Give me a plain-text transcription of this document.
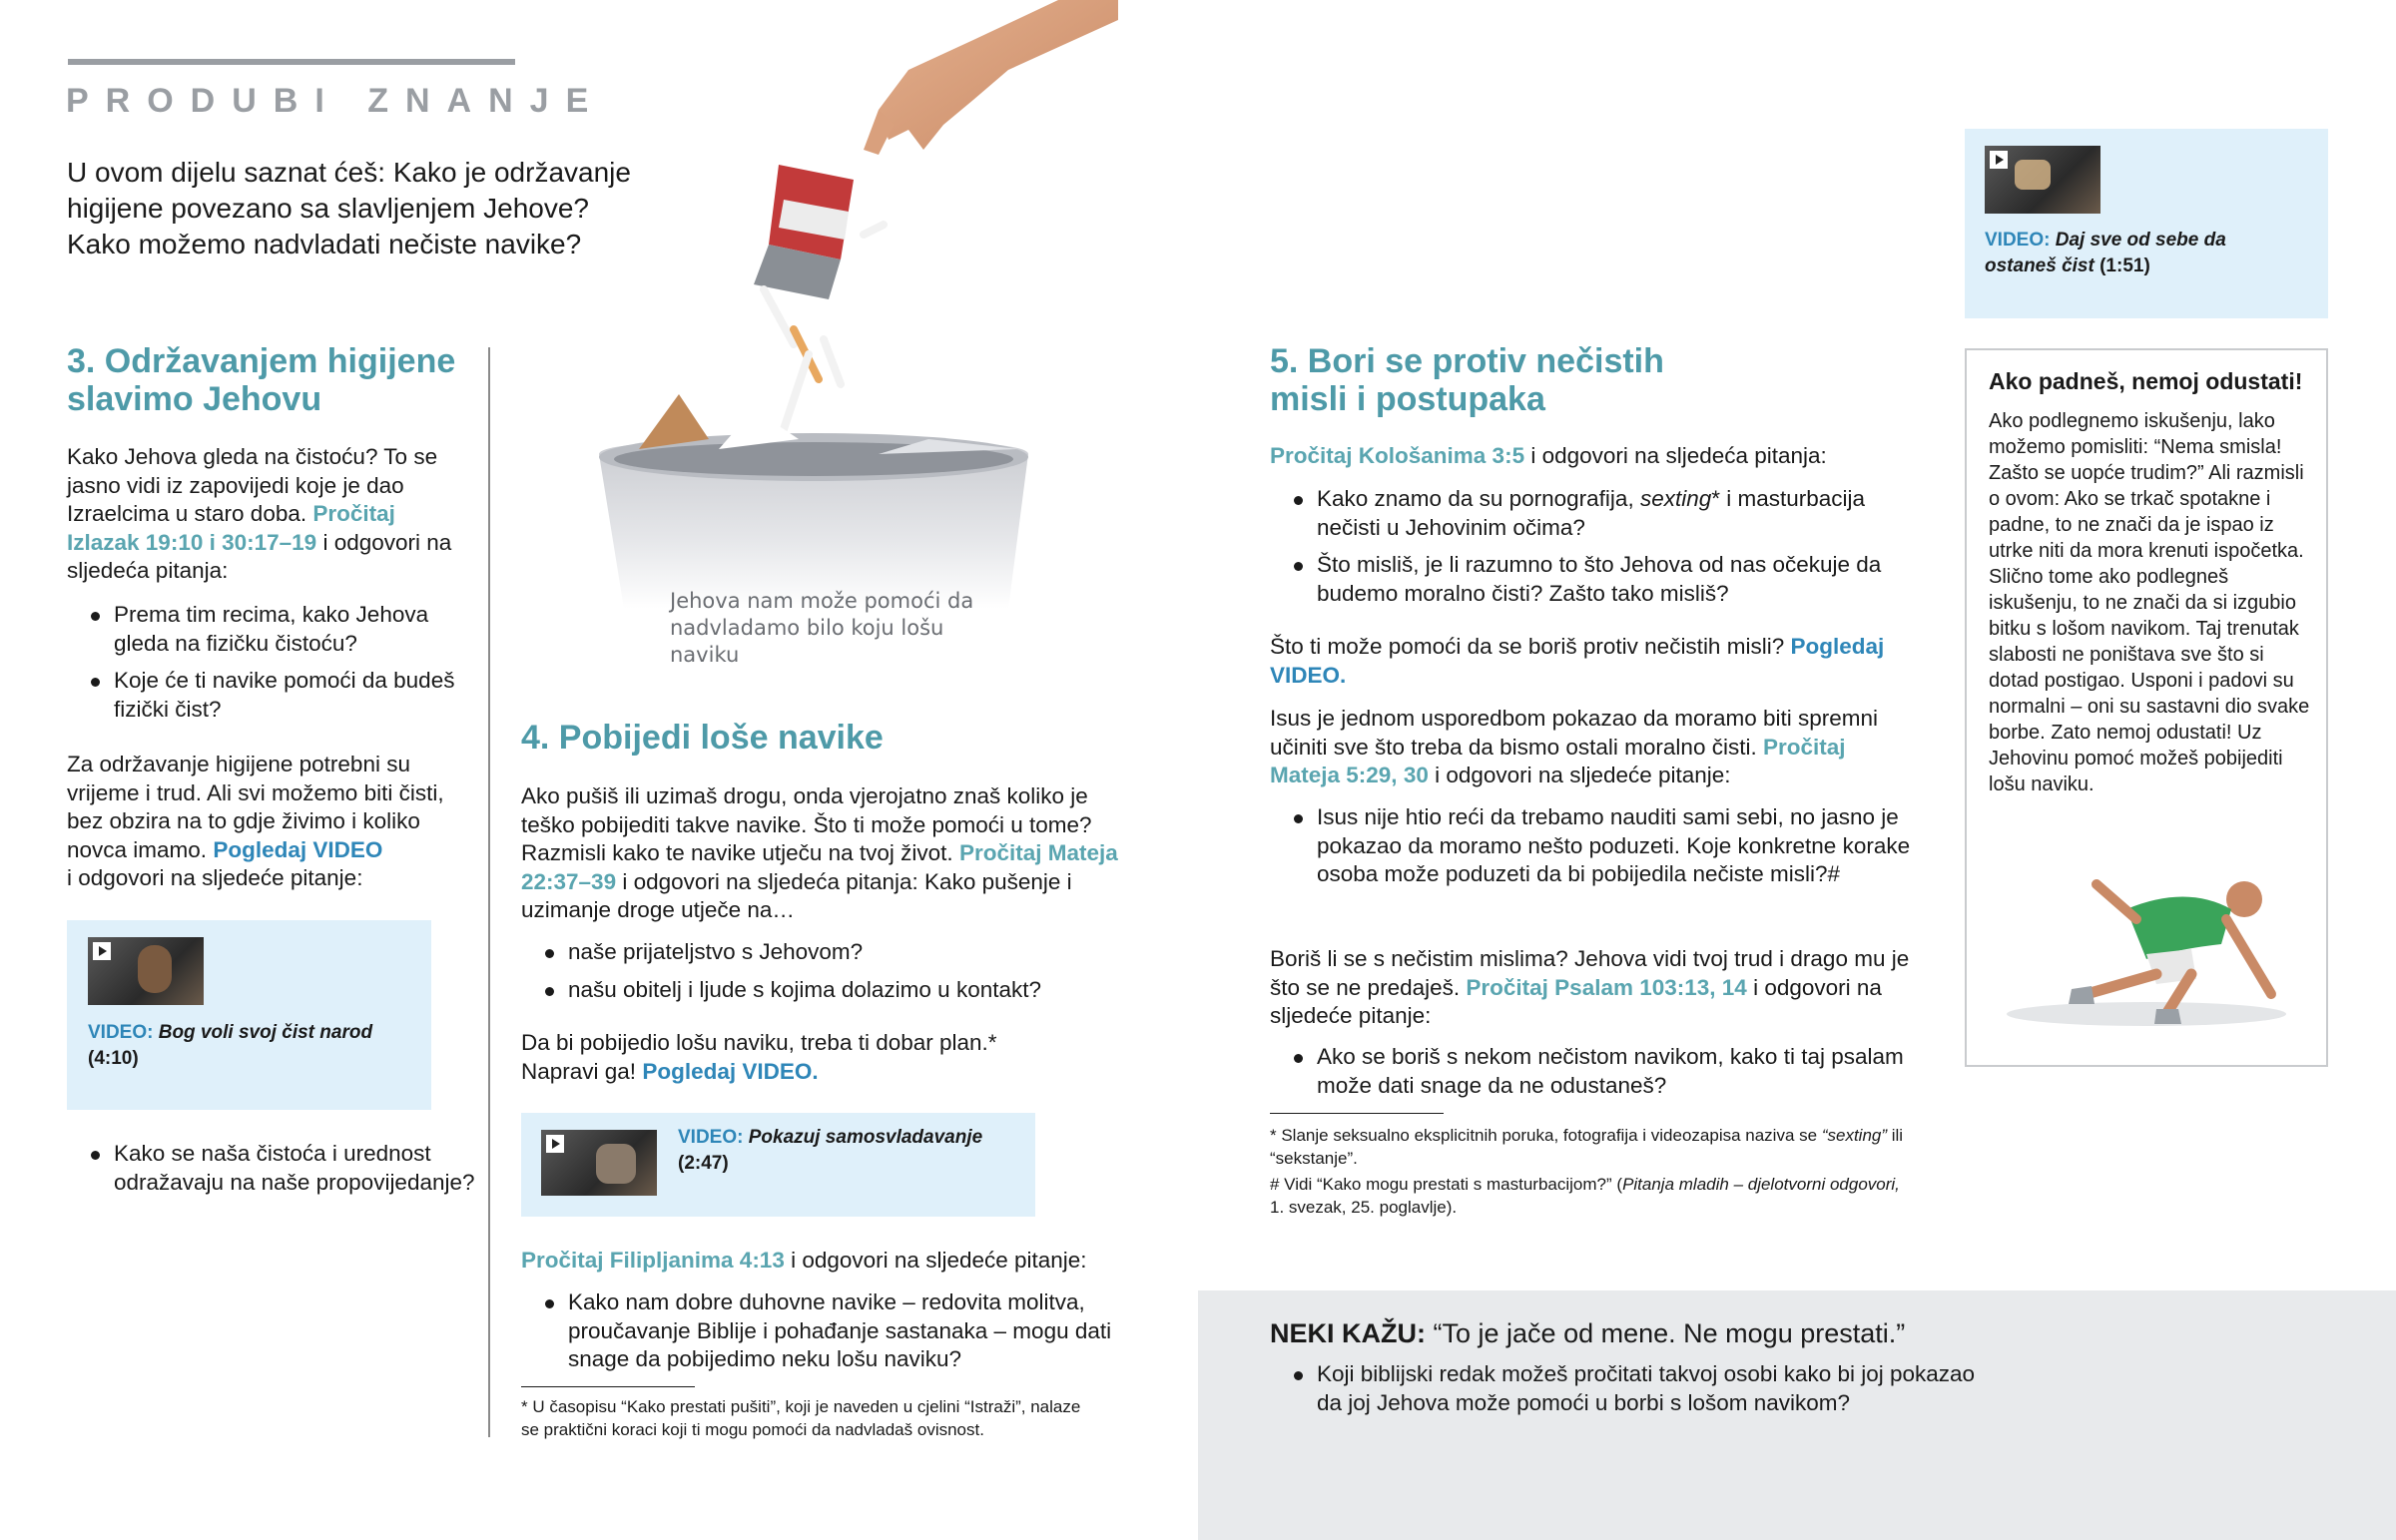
PRODUBI ZNANJE

U ovom dijelu saznat ćeš: Kako je održavanje higijene povezano sa slavljenjem Jehove? Kako možemo nadvladati nečiste navike?

3. Održavanjem higijene slavimo Jehovu

Kako Jehova gleda na čistoću? To se jasno vidi iz zapovijedi koje je dao Izraelcima u staro doba. Pročitaj Izlazak 19:10 i 30:17–19 i odgovori na sljedeća pitanja:

Prema tim recima, kako Jehova gleda na fizičku čistoću?
Koje će ti navike pomoći da budeš fizički čist?

Za održavanje higijene potrebni su vrijeme i trud. Ali svi možemo biti čisti, bez obzira na to gdje živimo i koliko novca imamo. Pogledaj VIDEO
i odgovori na sljedeće pitanje:

VIDEO: Bog voli svoj čist narod
(4:10)
Kako se naša čistoća i urednost odražavaju na naše propovijedanje?

Jehova nam može pomoći da nadvladamo bilo koju lošu naviku

4. Pobijedi loše navike

Ako pušiš ili uzimaš drogu, onda vjerojatno znaš koliko je teško pobijediti takve navike. Što ti može pomoći u tome? Razmisli kako te navike utječu na tvoj život. Pročitaj Mateja 22:37–39 i odgovori na sljedeća pitanja: Kako pušenje i uzimanje droge utječe na…

naše prijateljstvo s Jehovom?
našu obitelj i ljude s kojima dolazimo u kontakt?

Da bi pobijedio lošu naviku, treba ti dobar plan.* Napravi ga! Pogledaj VIDEO.

VIDEO: Pokazuj samosvladavanje
(2:47)

Pročitaj Filipljanima 4:13 i odgovori na sljedeće pitanje:

Kako nam dobre duhovne navike – redovita molitva, proučavanje Biblije i pohađanje sastanaka – mogu dati snage da pobijedimo neku lošu naviku?

* U časopisu “Kako prestati pušiti”, koji je naveden u cjelini “Istraži”, nalaze se praktični koraci koji ti mogu pomoći da nadvladaš ovisnost.

5. Bori se protiv nečistih misli i postupaka

Pročitaj Kološanima 3:5 i odgovori na sljedeća pitanja:

Kako znamo da su pornografija, sexting* i masturbacija nečisti u Jehovinim očima?
Što misliš, je li razumno to što Jehova od nas očekuje da budemo moralno čisti? Zašto tako misliš?

Što ti može pomoći da se boriš protiv nečistih misli? Pogledaj VIDEO.

Isus je jednom usporedbom pokazao da moramo biti spremni učiniti sve što treba da bismo ostali moralno čisti. Pročitaj Mateja 5:29, 30 i odgovori na sljedeće pitanje:

Isus nije htio reći da trebamo nauditi sami sebi, no jasno je pokazao da moramo nešto poduzeti. Koje konkretne korake osoba može poduzeti da bi pobijedila nečiste misli?#

Boriš li se s nečistim mislima? Jehova vidi tvoj trud i drago mu je što se ne predaješ. Pročitaj Psalam 103:13, 14 i odgovori na sljedeće pitanje:

Ako se boriš s nekom nečistom navikom, kako ti taj psalam može dati snage da ne odustaneš?

* Slanje seksualno eksplicitnih poruka, fotografija i videozapisa naziva se “sexting” ili “sekstanje”.

# Vidi “Kako mogu prestati s masturbacijom?” (Pitanja mladih – djelotvorni odgovori, 1. svezak, 25. poglavlje).

NEKI KAŽU: “To je jače od mene. Ne mogu prestati.”
Koji biblijski redak možeš pročitati takvoj osobi kako bi joj pokazao da joj Jehova može pomoći u borbi s lošom navikom?
VIDEO: Daj sve od sebe da ostaneš čist (1:51)
Ako padneš, nemoj odustati!

Ako podlegnemo iskušenju, lako možemo pomisliti: “Nema smisla! Zašto se uopće trudim?” Ali razmisli o ovom: Ako se trkač spotakne i padne, to ne znači da je ispao iz utrke niti da mora krenuti ispočetka. Slično tome ako podlegneš iskušenju, to ne znači da si izgubio bitku s lošom navikom. Taj trenutak slabosti ne poništava sve što si dotad postigao. Usponi i padovi su normalni – oni su sastavni dio svake borbe. Zato nemoj odustati! Uz Jehovinu pomoć možeš pobijediti lošu naviku.
